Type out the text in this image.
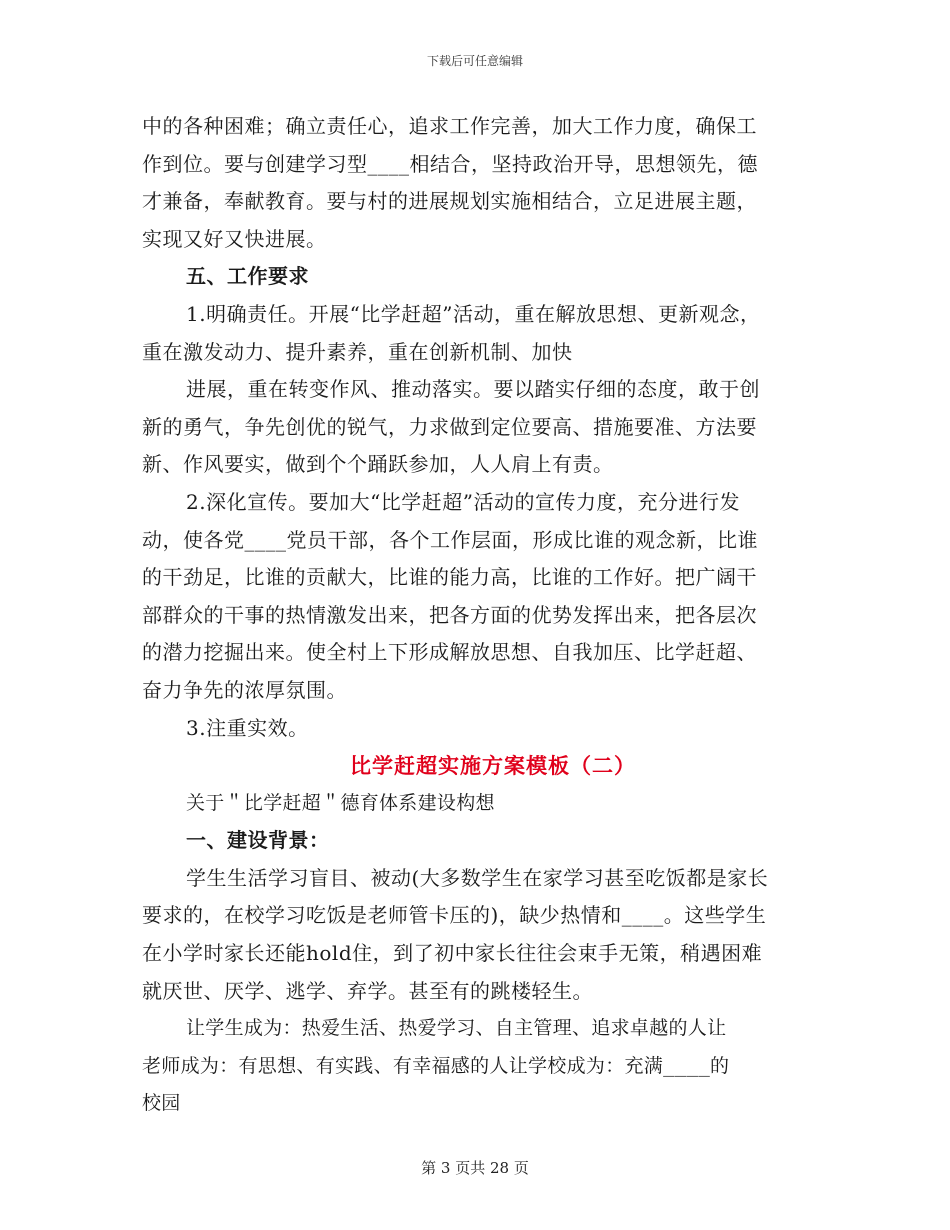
下载后可任意编辑
中的各种困难；确立责任心，追求工作完善，加大工作力度，确保工
作到位。要与创建学习型____相结合，坚持政治开导，思想领先，德
才兼备，奉献教育。要与村的进展规划实施相结合，立足进展主题，
实现又好又快进展。
五、工作要求
1.明确责任。开展“比学赶超”活动，重在解放思想、更新观念，
重在激发动力、提升素养，重在创新机制、加快
进展，重在转变作风、推动落实。要以踏实仔细的态度，敢于创
新的勇气，争先创优的锐气，力求做到定位要高、措施要准、方法要
新、作风要实，做到个个踊跃参加，人人肩上有责。
2.深化宣传。要加大“比学赶超”活动的宣传力度，充分进行发
动，使各党____党员干部，各个工作层面，形成比谁的观念新，比谁
的干劲足，比谁的贡献大，比谁的能力高，比谁的工作好。把广阔干
部群众的干事的热情激发出来，把各方面的优势发挥出来，把各层次
的潜力挖掘出来。使全村上下形成解放思想、自我加压、比学赶超、
奋力争先的浓厚氛围。
3.注重实效。
比学赶超实施方案模板（二）
关于＂比学赶超＂德育体系建设构想
一、建设背景：
学生生活学习盲目、被动(大多数学生在家学习甚至吃饭都是家长
要求的，在校学习吃饭是老师管卡压的)，缺少热情和____。这些学生
在小学时家长还能hold住，到了初中家长往往会束手无策，稍遇困难
就厌世、厌学、逃学、弃学。甚至有的跳楼轻生。
让学生成为：热爱生活、热爱学习、自主管理、追求卓越的人让
老师成为：有思想、有实践、有幸福感的人让学校成为：充满____的
校园
第 3 页共 28 页
